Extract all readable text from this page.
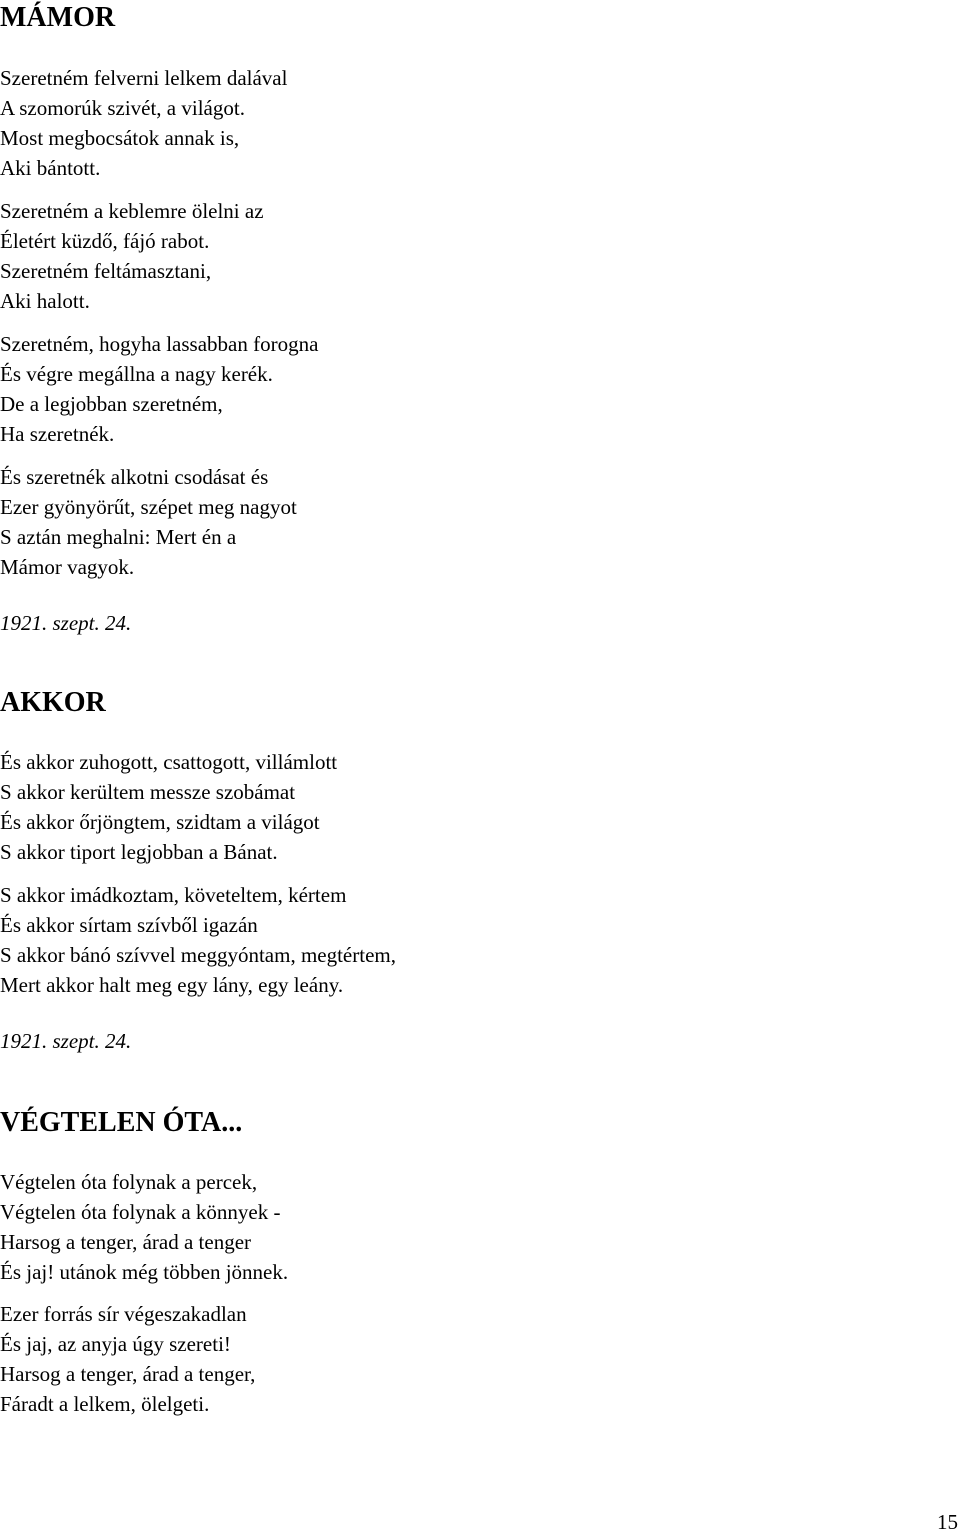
MÁMOR

Szeretném felverni lelkem dalával
A szomorúk szivét, a világot.
Most megbocsátok annak is,
Aki bántott.

Szeretném a keblemre ölelni az
Életért küzdő, fájó rabot.
Szeretném feltámasztani,
Aki halott.

Szeretném, hogyha lassabban forogna
És végre megállna a nagy kerék.
De a legjobban szeretném,
Ha szeretnék.

És szeretnék alkotni csodásat és
Ezer gyönyörűt, szépet meg nagyot
S aztán meghalni: Mert én a
Mámor vagyok.

1921. szept. 24.
AKKOR

És akkor zuhogott, csattogott, villámlott
S akkor kerültem messze szobámat
És akkor őrjöngtem, szidtam a világot
S akkor tiport legjobban a Bánat.

S akkor imádkoztam, követeltem, kértem
És akkor sírtam szívből igazán
S akkor bánó szívvel meggyóntam, megtértem,
Mert akkor halt meg egy lány, egy leány.

1921. szept. 24.
VÉGTELEN ÓTA...

Végtelen óta folynak a percek,
Végtelen óta folynak a könnyek -
Harsog a tenger, árad a tenger
És jaj! utánok még többen jönnek.

Ezer forrás sír végeszakadlan
És jaj, az anyja úgy szereti!
Harsog a tenger, árad a tenger,
Fáradt a lelkem, ölelgeti.

15
